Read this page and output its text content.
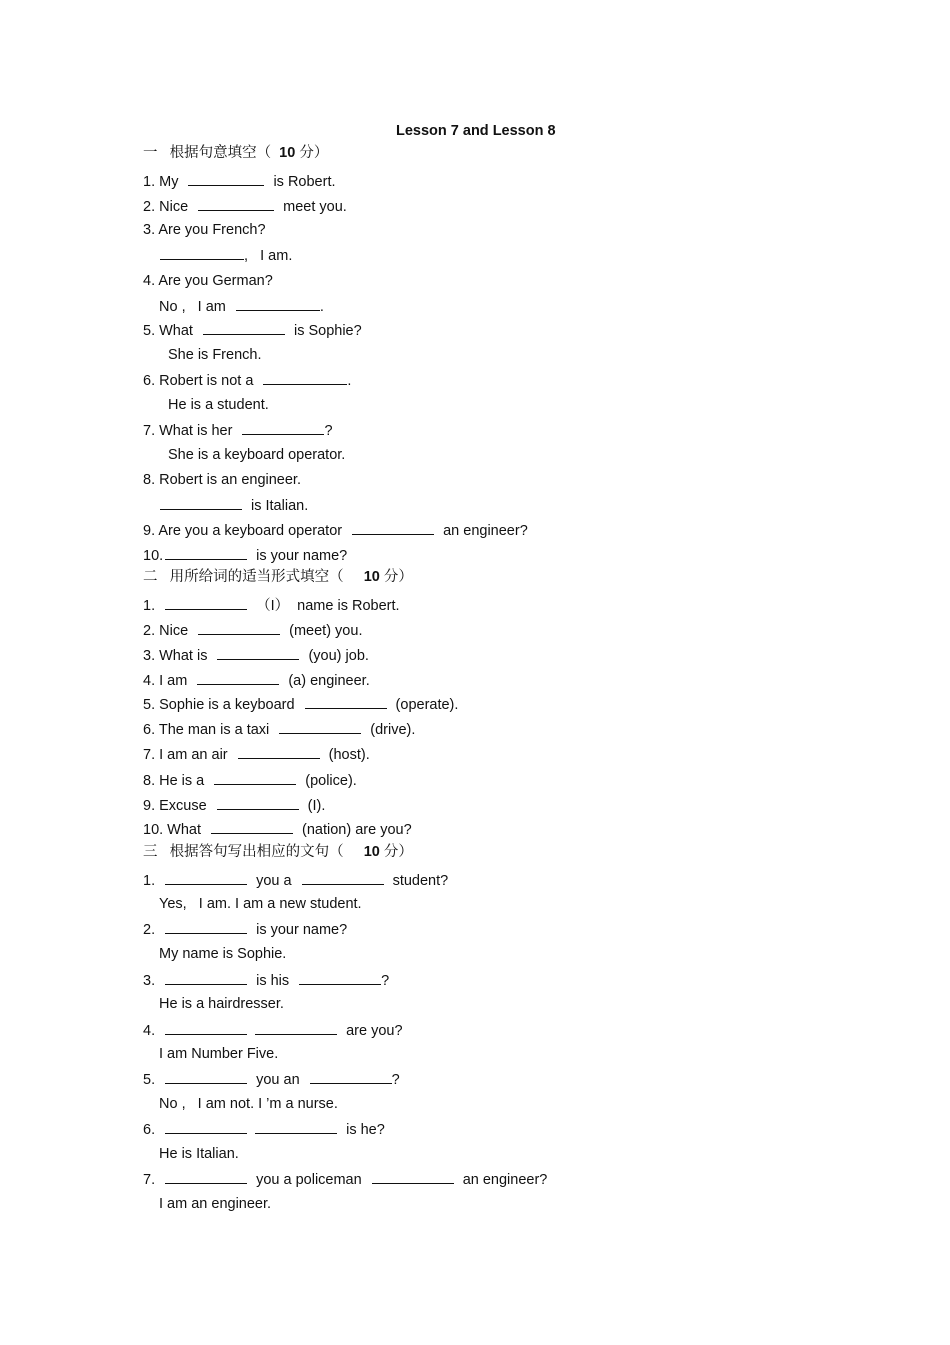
Lesson 7 and Lesson 8
一   根据句意填空（  10 分）
1. My	is Robert.
2. Nice	meet you.
3. Are you French?
,   I am.
4. Are you German?
No ,   I am	.
5. What	is Sophie?
She is French.
6. Robert is not a	.
He is a student.
7. What is her	?
She is a keyboard operator.
8. Robert is an engineer.
is Italian.
9. Are you a keyboard operator	an engineer?
10.	is your name?
二   用所给词的适当形式填空（     10 分）
1.	（I）  name is Robert.
2. Nice	(meet) you.
3. What is	(you) job.
4. I am	(a) engineer.
5. Sophie is a keyboard	(operate).
6. The man is a taxi	(drive).
7. I am an air	(host).
8. He is a	(police).
9. Excuse	(I).
10. What	(nation) are you?
三   根据答句写出相应的文句（     10 分）
1.	you a	student?
Yes,   I am. I am a new student.
2.	is your name?
My name is Sophie.
3.	is his	?
He is a hairdresser.
4.	are you?
I am Number Five.
5.	you an	?
No ,   I am not. I ’m a nurse.
6.	is he?
He is Italian.
7.	you a policeman	an engineer?
I am an engineer.
